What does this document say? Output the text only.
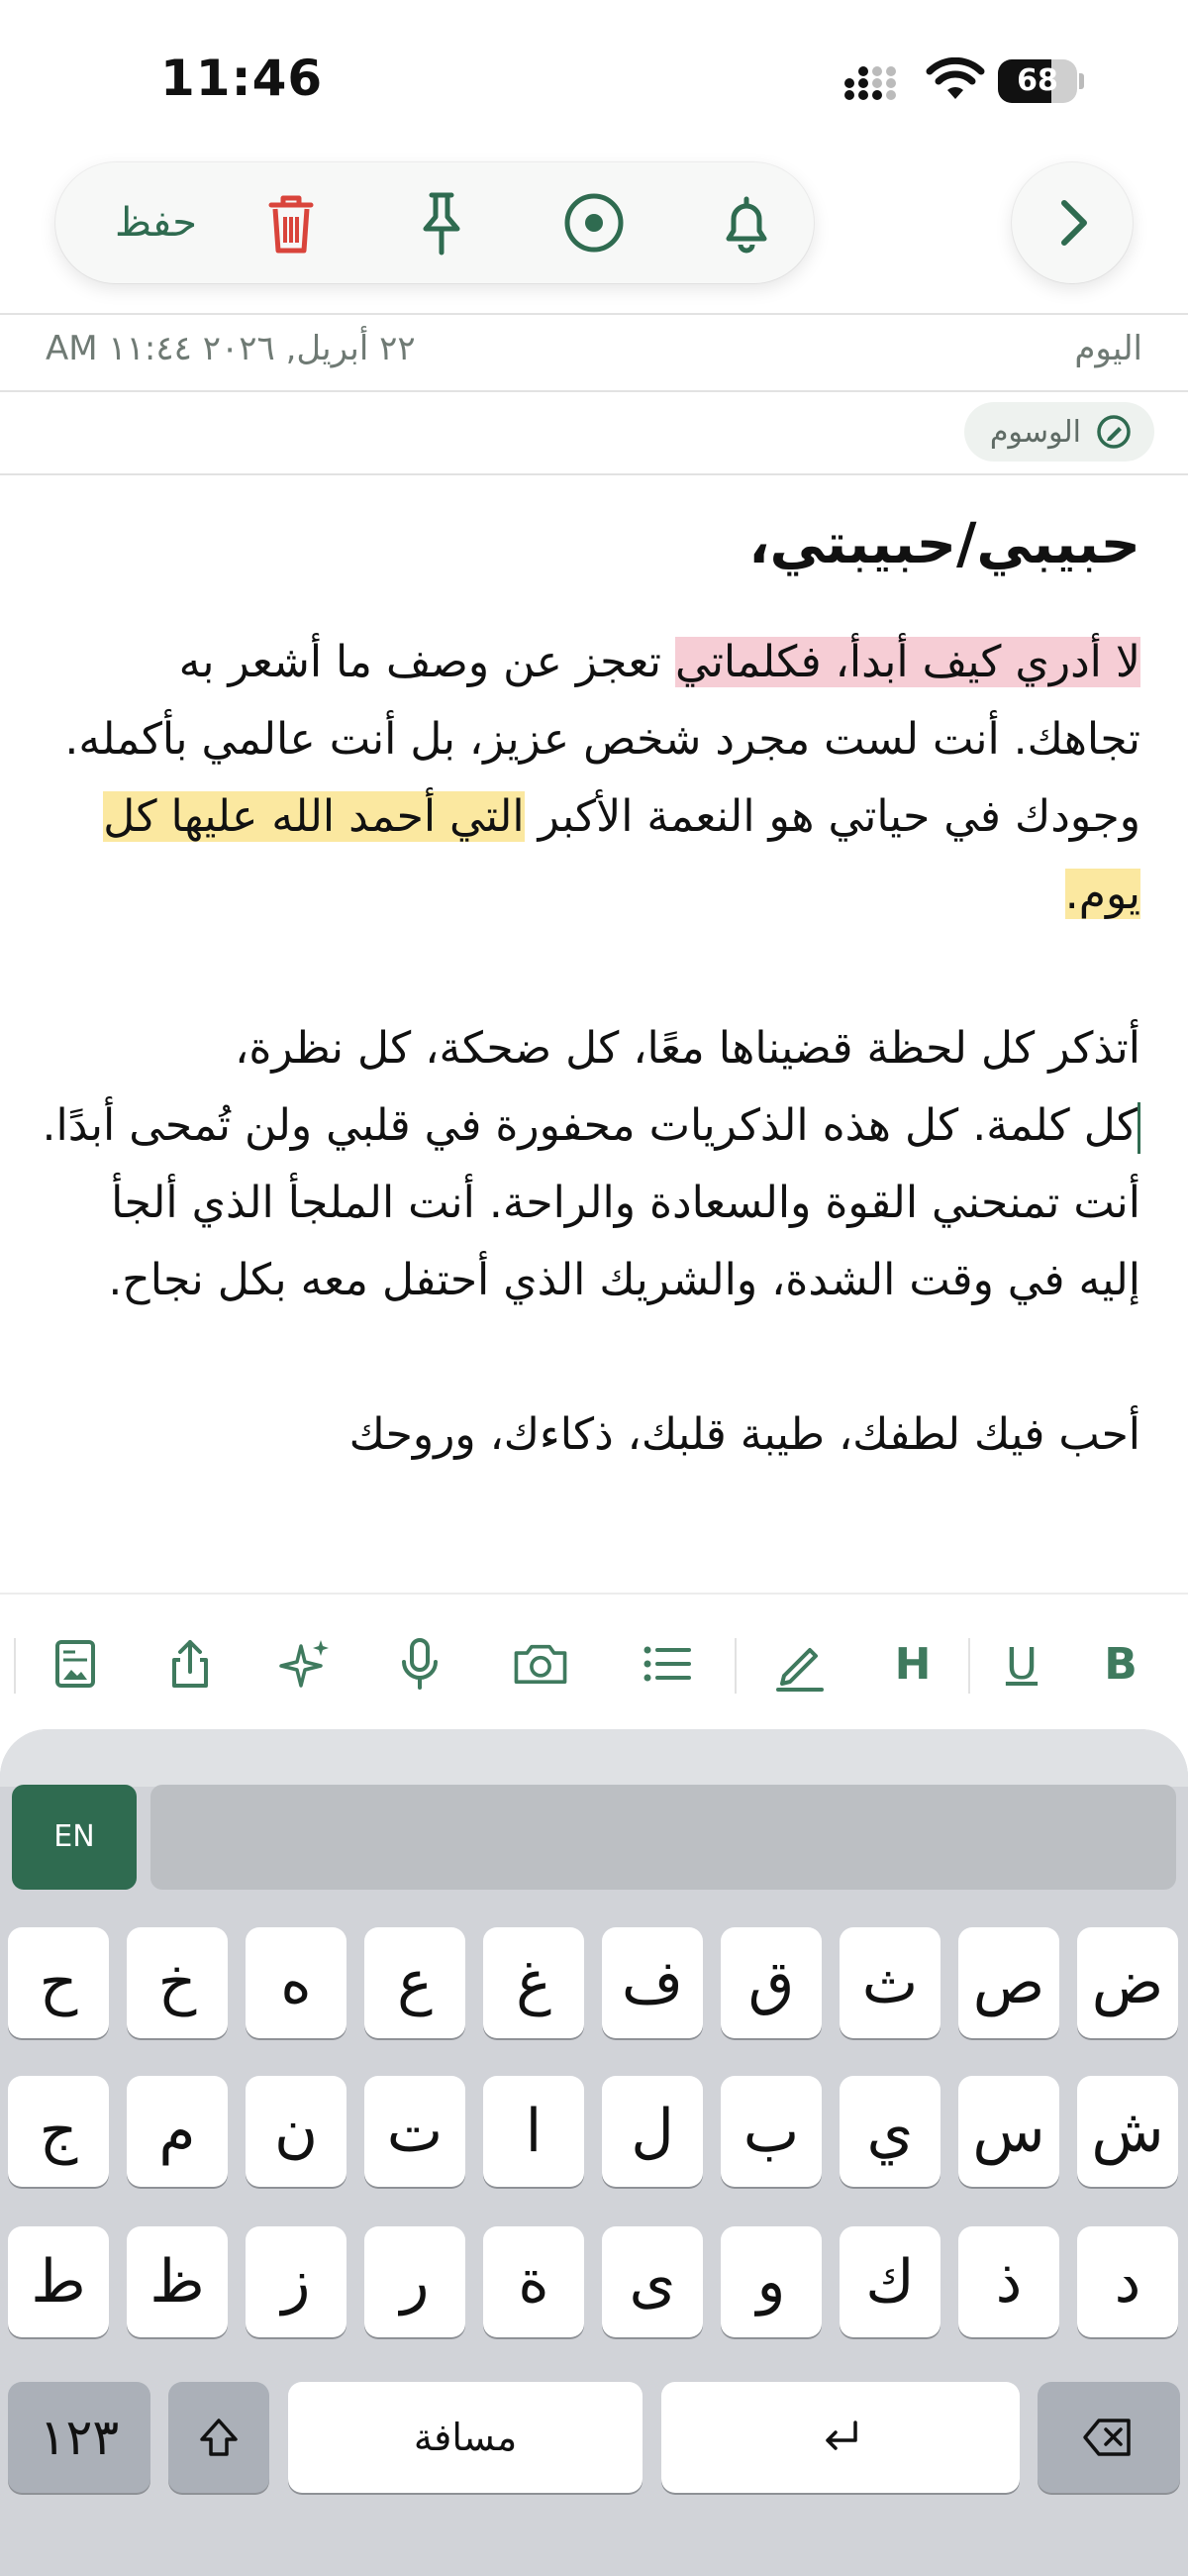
11:46	68
حفظ
٢٢ أبريل, ٢٠٢٦ ١١:٤٤ AM	اليوم
الوسوم
حبيبي/حبيبتي،

لا أدري كيف أبدأ، فكلماتي تعجز عن وصف ما أشعر به تجاهك. أنت لست مجرد شخص عزيز، بل أنت عالمي بأكمله. وجودك في حياتي هو النعمة الأكبر التي أحمد الله عليها كل يوم.

أتذكر كل لحظة قضيناها معًا، كل ضحكة، كل نظرة،
كل كلمة. كل هذه الذكريات محفورة في قلبي ولن تُمحى أبدًا. أنت تمنحني القوة والسعادة والراحة. أنت الملجأ الذي ألجأ إليه في وقت الشدة، والشريك الذي أحتفل معه بكل نجاح.

أحب فيك لطفك، طيبة قلبك، ذكاءك، وروحك

H	U	B
EN
١٢٣	مسافة
ض
ص
ث
ق
ف
غ
ع
ه
خ
ح
ش
س
ي
ب
ل
ا
ت
ن
م
ج
د
ذ
ك
و
ى
ة
ر
ز
ظ
ط
